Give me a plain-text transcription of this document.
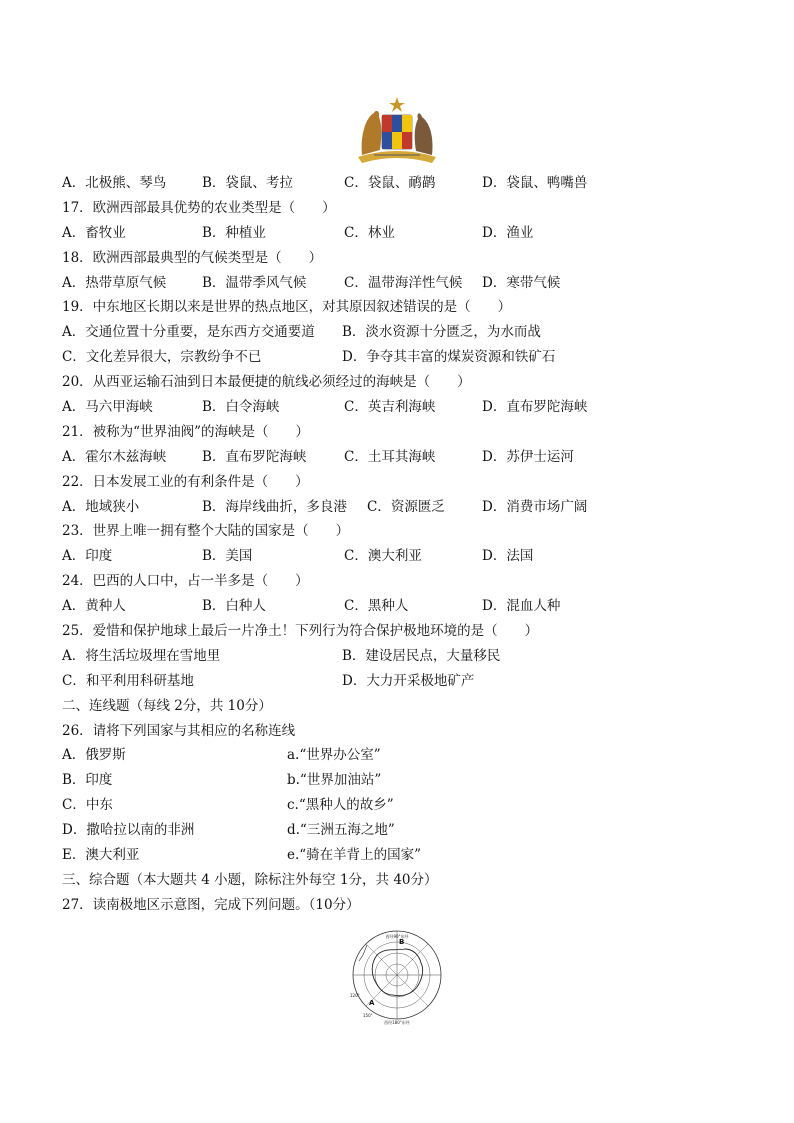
A．北极熊、琴鸟	B．袋鼠、考拉	C．袋鼠、鸸鹋	D．袋鼠、鸭嘴兽
17．欧洲西部最具优势的农业类型是（　　）
A．畜牧业	B．种植业	C．林业	D．渔业
18．欧洲西部最典型的气候类型是（　　）
A．热带草原气候	B．温带季风气候	C．温带海洋性气候 D．寒带气候
19．中东地区长期以来是世界的热点地区，对其原因叙述错误的是（　　）
A．交通位置十分重要，是东西方交通要道 B．淡水资源十分匮乏，为水而战
C．文化差异很大，宗教纷争不已	D．争夺其丰富的煤炭资源和铁矿石
20．从西亚运输石油到日本最便捷的航线必须经过的海峡是（　　）
A．马六甲海峡	B．白令海峡	C．英吉利海峡	D．直布罗陀海峡
21．被称为“世界油阀”的海峡是（　　）
A．霍尔木兹海峡	B．直布罗陀海峡	C．土耳其海峡	D．苏伊士运河
22．日本发展工业的有利条件是（　　）
A．地域狭小	B．海岸线曲折，多良港 C．资源匮乏	D．消费市场广阔
23．世界上唯一拥有整个大陆的国家是（　　）
A．印度	B．美国	C．澳大利亚	D．法国
24．巴西的人口中，占一半多是（　　）
A．黄种人	B．白种人	C．黑种人	D．混血人种
25．爱惜和保护地球上最后一片净土！下列行为符合保护极地环境的是（　　）
A．将生活垃圾埋在雪地里	B．建设居民点，大量移民
C．和平利用科研基地	D．大力开采极地矿产
二、连线题（每线 2分，共 10分）
26．请将下列国家与其相应的名称连线
A．俄罗斯	a.“世界办公室”
B．印度	b.“世界加油站”
C．中东	c.“黑种人的故乡”
D．撒哈拉以南的非洲	d.“三洲五海之地”
E．澳大利亚	e.“骑在羊背上的国家”
三、综合题（本大题共 4 小题，除标注外每空 1分，共 40分）
27．读南极地区示意图，完成下列问题。（10分）
西经90°东经
B
A
120°
150°
西经180°东经
